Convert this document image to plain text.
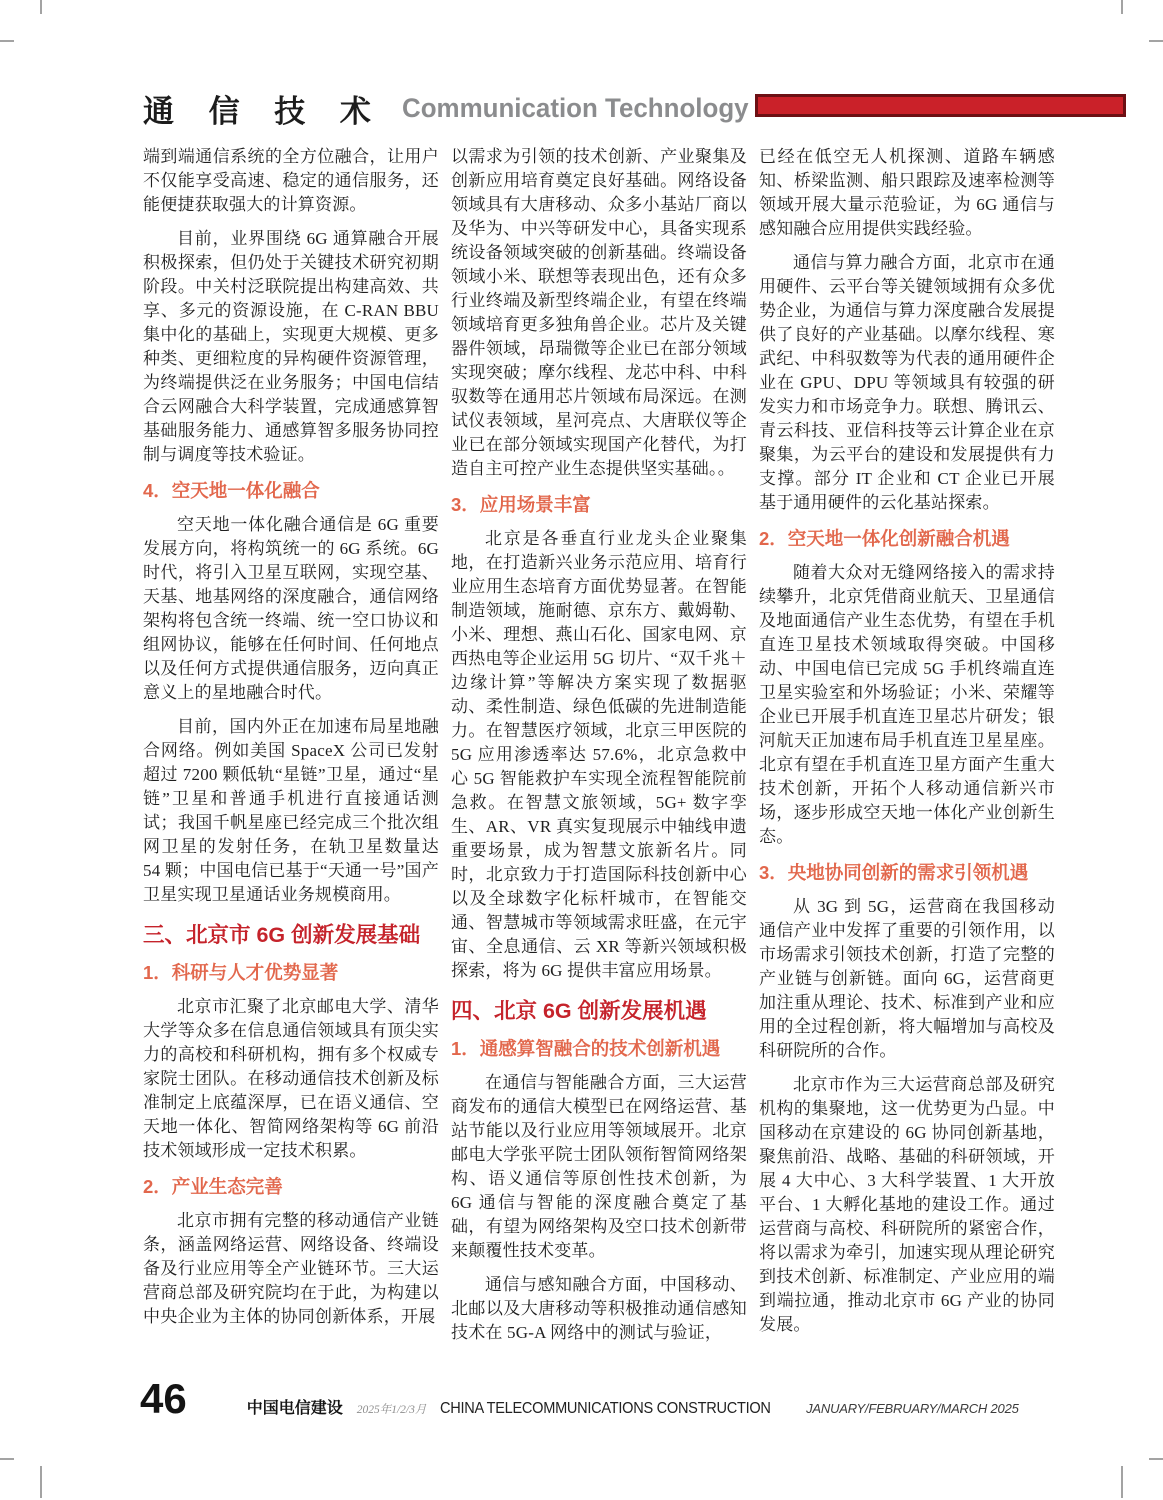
通 信 技 术 Communication Technology

端到端通信系统的全方位融合，让用户不仅能享受高速、稳定的通信服务，还能便捷获取强大的计算资源。

目前，业界围绕 6G 通算融合开展积极探索，但仍处于关键技术研究初期阶段。中关村泛联院提出构建高效、共享、多元的资源设施，在 C-RAN BBU 集中化的基础上，实现更大规模、更多种类、更细粒度的异构硬件资源管理，为终端提供泛在业务服务；中国电信结合云网融合大科学装置，完成通感算智基础服务能力、通感算智多服务协同控制与调度等技术验证。

4．空天地一体化融合

空天地一体化融合通信是 6G 重要发展方向，将构筑统一的 6G 系统。6G 时代，将引入卫星互联网，实现空基、天基、地基网络的深度融合，通信网络架构将包含统一终端、统一空口协议和组网协议，能够在任何时间、任何地点以及任何方式提供通信服务，迈向真正意义上的星地融合时代。

目前，国内外正在加速布局星地融合网络。例如美国 SpaceX 公司已发射超过 7200 颗低轨“星链”卫星，通过“星链”卫星和普通手机进行直接通话测试；我国千帆星座已经完成三个批次组网卫星的发射任务，在轨卫星数量达 54 颗；中国电信已基于“天通一号”国产卫星实现卫星通话业务规模商用。

三、北京市 6G 创新发展基础
1．科研与人才优势显著

北京市汇聚了北京邮电大学、清华大学等众多在信息通信领域具有顶尖实力的高校和科研机构，拥有多个权威专家院士团队。在移动通信技术创新及标准制定上底蕴深厚，已在语义通信、空天地一体化、智简网络架构等 6G 前沿技术领域形成一定技术积累。

2．产业生态完善

北京市拥有完整的移动通信产业链条，涵盖网络运营、网络设备、终端设备及行业应用等全产业链环节。三大运营商总部及研究院均在于此，为构建以中央企业为主体的协同创新体系，开展

以需求为引领的技术创新、产业聚集及创新应用培育奠定良好基础。网络设备领域具有大唐移动、众多小基站厂商以及华为、中兴等研发中心，具备实现系统设备领域突破的创新基础。终端设备领域小米、联想等表现出色，还有众多行业终端及新型终端企业，有望在终端领域培育更多独角兽企业。芯片及关键器件领域，昂瑞微等企业已在部分领域实现突破；摩尔线程、龙芯中科、中科驭数等在通用芯片领域布局深远。在测试仪表领域，星河亮点、大唐联仪等企业已在部分领域实现国产化替代，为打造自主可控产业生态提供坚实基础。。

3．应用场景丰富

北京是各垂直行业龙头企业聚集地，在打造新兴业务示范应用、培育行业应用生态培育方面优势显著。在智能制造领域，施耐德、京东方、戴姆勒、小米、理想、燕山石化、国家电网、京西热电等企业运用 5G 切片、“双千兆＋边缘计算”等解决方案实现了数据驱动、柔性制造、绿色低碳的先进制造能力。在智慧医疗领域，北京三甲医院的 5G 应用渗透率达 57.6%，北京急救中心 5G 智能救护车实现全流程智能院前急救。在智慧文旅领域，5G+ 数字孪生、AR、VR 真实复现展示中轴线申遗重要场景，成为智慧文旅新名片。同时，北京致力于打造国际科技创新中心以及全球数字化标杆城市，在智能交通、智慧城市等领域需求旺盛，在元宇宙、全息通信、云 XR 等新兴领域积极探索，将为 6G 提供丰富应用场景。

四、北京 6G 创新发展机遇
1．通感算智融合的技术创新机遇

在通信与智能融合方面，三大运营商发布的通信大模型已在网络运营、基站节能以及行业应用等领域展开。北京邮电大学张平院士团队领衔智简网络架构、语义通信等原创性技术创新，为 6G 通信与智能的深度融合奠定了基础，有望为网络架构及空口技术创新带来颠覆性技术变革。

通信与感知融合方面，中国移动、北邮以及大唐移动等积极推动通信感知技术在 5G-A 网络中的测试与验证，

已经在低空无人机探测、道路车辆感知、桥梁监测、船只跟踪及速率检测等领域开展大量示范验证，为 6G 通信与感知融合应用提供实践经验。

通信与算力融合方面，北京市在通用硬件、云平台等关键领域拥有众多优势企业，为通信与算力深度融合发展提供了良好的产业基础。以摩尔线程、寒武纪、中科驭数等为代表的通用硬件企业在 GPU、DPU 等领域具有较强的研发实力和市场竞争力。联想、腾讯云、青云科技、亚信科技等云计算企业在京聚集，为云平台的建设和发展提供有力支撑。部分 IT 企业和 CT 企业已开展基于通用硬件的云化基站探索。

2．空天地一体化创新融合机遇

随着大众对无缝网络接入的需求持续攀升，北京凭借商业航天、卫星通信及地面通信产业生态优势，有望在手机直连卫星技术领域取得突破。中国移动、中国电信已完成 5G 手机终端直连卫星实验室和外场验证；小米、荣耀等企业已开展手机直连卫星芯片研发；银河航天正加速布局手机直连卫星星座。北京有望在手机直连卫星方面产生重大技术创新，开拓个人移动通信新兴市场，逐步形成空天地一体化产业创新生态。

3．央地协同创新的需求引领机遇

从 3G 到 5G，运营商在我国移动通信产业中发挥了重要的引领作用，以市场需求引领技术创新，打造了完整的产业链与创新链。面向 6G，运营商更加注重从理论、技术、标准到产业和应用的全过程创新，将大幅增加与高校及科研院所的合作。

北京市作为三大运营商总部及研究机构的集聚地，这一优势更为凸显。中国移动在京建设的 6G 协同创新基地，聚焦前沿、战略、基础的科研领域，开展 4 大中心、3 大科学装置、1 大开放平台、1 大孵化基地的建设工作。通过运营商与高校、科研院所的紧密合作，将以需求为牵引，加速实现从理论研究到技术创新、标准制定、产业应用的端到端拉通，推动北京市 6G 产业的协同发展。

46	中国电信建设 2025年1/2/3月 CHINA TELECOMMUNICATIONS CONSTRUCTION	JANUARY/FEBRUARY/MARCH 2025
